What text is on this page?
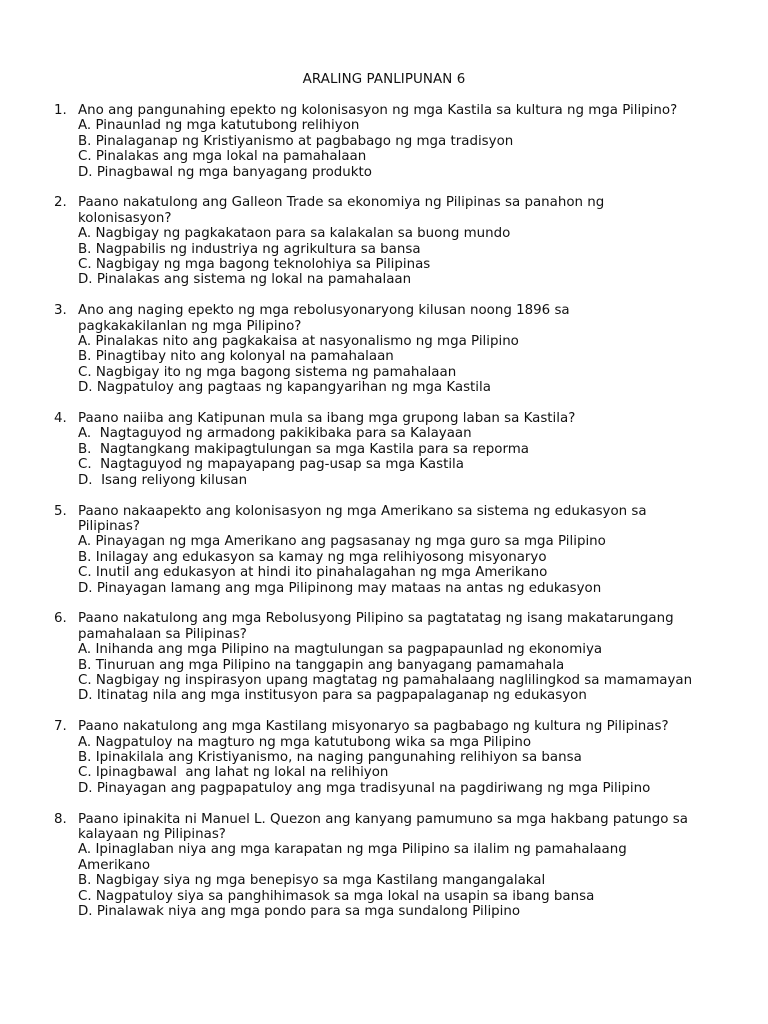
ARALING PANLIPUNAN 6
1. Ano ang pangunahing epekto ng kolonisasyon ng mga Kastila sa kultura ng mga Pilipino?
A. Pinaunlad ng mga katutubong relihiyon
B. Pinalaganap ng Kristiyanismo at pagbabago ng mga tradisyon
C. Pinalakas ang mga lokal na pamahalaan
D. Pinagbawal ng mga banyagang produkto
2. Paano nakatulong ang Galleon Trade sa ekonomiya ng Pilipinas sa panahon ng
kolonisasyon?
A. Nagbigay ng pagkakataon para sa kalakalan sa buong mundo
B. Nagpabilis ng industriya ng agrikultura sa bansa
C. Nagbigay ng mga bagong teknolohiya sa Pilipinas
D. Pinalakas ang sistema ng lokal na pamahalaan
3. Ano ang naging epekto ng mga rebolusyonaryong kilusan noong 1896 sa
pagkakakilanlan ng mga Pilipino?
A. Pinalakas nito ang pagkakaisa at nasyonalismo ng mga Pilipino
B. Pinagtibay nito ang kolonyal na pamahalaan
C. Nagbigay ito ng mga bagong sistema ng pamahalaan
D. Nagpatuloy ang pagtaas ng kapangyarihan ng mga Kastila
4. Paano naiiba ang Katipunan mula sa ibang mga grupong laban sa Kastila?
A.  Nagtaguyod ng armadong pakikibaka para sa Kalayaan
B.  Nagtangkang makipagtulungan sa mga Kastila para sa reporma
C.  Nagtaguyod ng mapayapang pag-usap sa mga Kastila
D.  Isang reliyong kilusan
5. Paano nakaapekto ang kolonisasyon ng mga Amerikano sa sistema ng edukasyon sa
Pilipinas?
A. Pinayagan ng mga Amerikano ang pagsasanay ng mga guro sa mga Pilipino
B. Inilagay ang edukasyon sa kamay ng mga relihiyosong misyonaryo
C. Inutil ang edukasyon at hindi ito pinahalagahan ng mga Amerikano
D. Pinayagan lamang ang mga Pilipinong may mataas na antas ng edukasyon
6. Paano nakatulong ang mga Rebolusyong Pilipino sa pagtatatag ng isang makatarungang
pamahalaan sa Pilipinas?
A. Inihanda ang mga Pilipino na magtulungan sa pagpapaunlad ng ekonomiya
B. Tinuruan ang mga Pilipino na tanggapin ang banyagang pamamahala
C. Nagbigay ng inspirasyon upang magtatag ng pamahalaang naglilingkod sa mamamayan
D. Itinatag nila ang mga institusyon para sa pagpapalaganap ng edukasyon
7. Paano nakatulong ang mga Kastilang misyonaryo sa pagbabago ng kultura ng Pilipinas?
A. Nagpatuloy na magturo ng mga katutubong wika sa mga Pilipino
B. Ipinakilala ang Kristiyanismo, na naging pangunahing relihiyon sa bansa
C. Ipinagbawal  ang lahat ng lokal na relihiyon
D. Pinayagan ang pagpapatuloy ang mga tradisyunal na pagdiriwang ng mga Pilipino
8. Paano ipinakita ni Manuel L. Quezon ang kanyang pamumuno sa mga hakbang patungo sa
kalayaan ng Pilipinas?
A. Ipinaglaban niya ang mga karapatan ng mga Pilipino sa ilalim ng pamahalaang
Amerikano
B. Nagbigay siya ng mga benepisyo sa mga Kastilang mangangalakal
C. Nagpatuloy siya sa panghihimasok sa mga lokal na usapin sa ibang bansa
D. Pinalawak niya ang mga pondo para sa mga sundalong Pilipino
